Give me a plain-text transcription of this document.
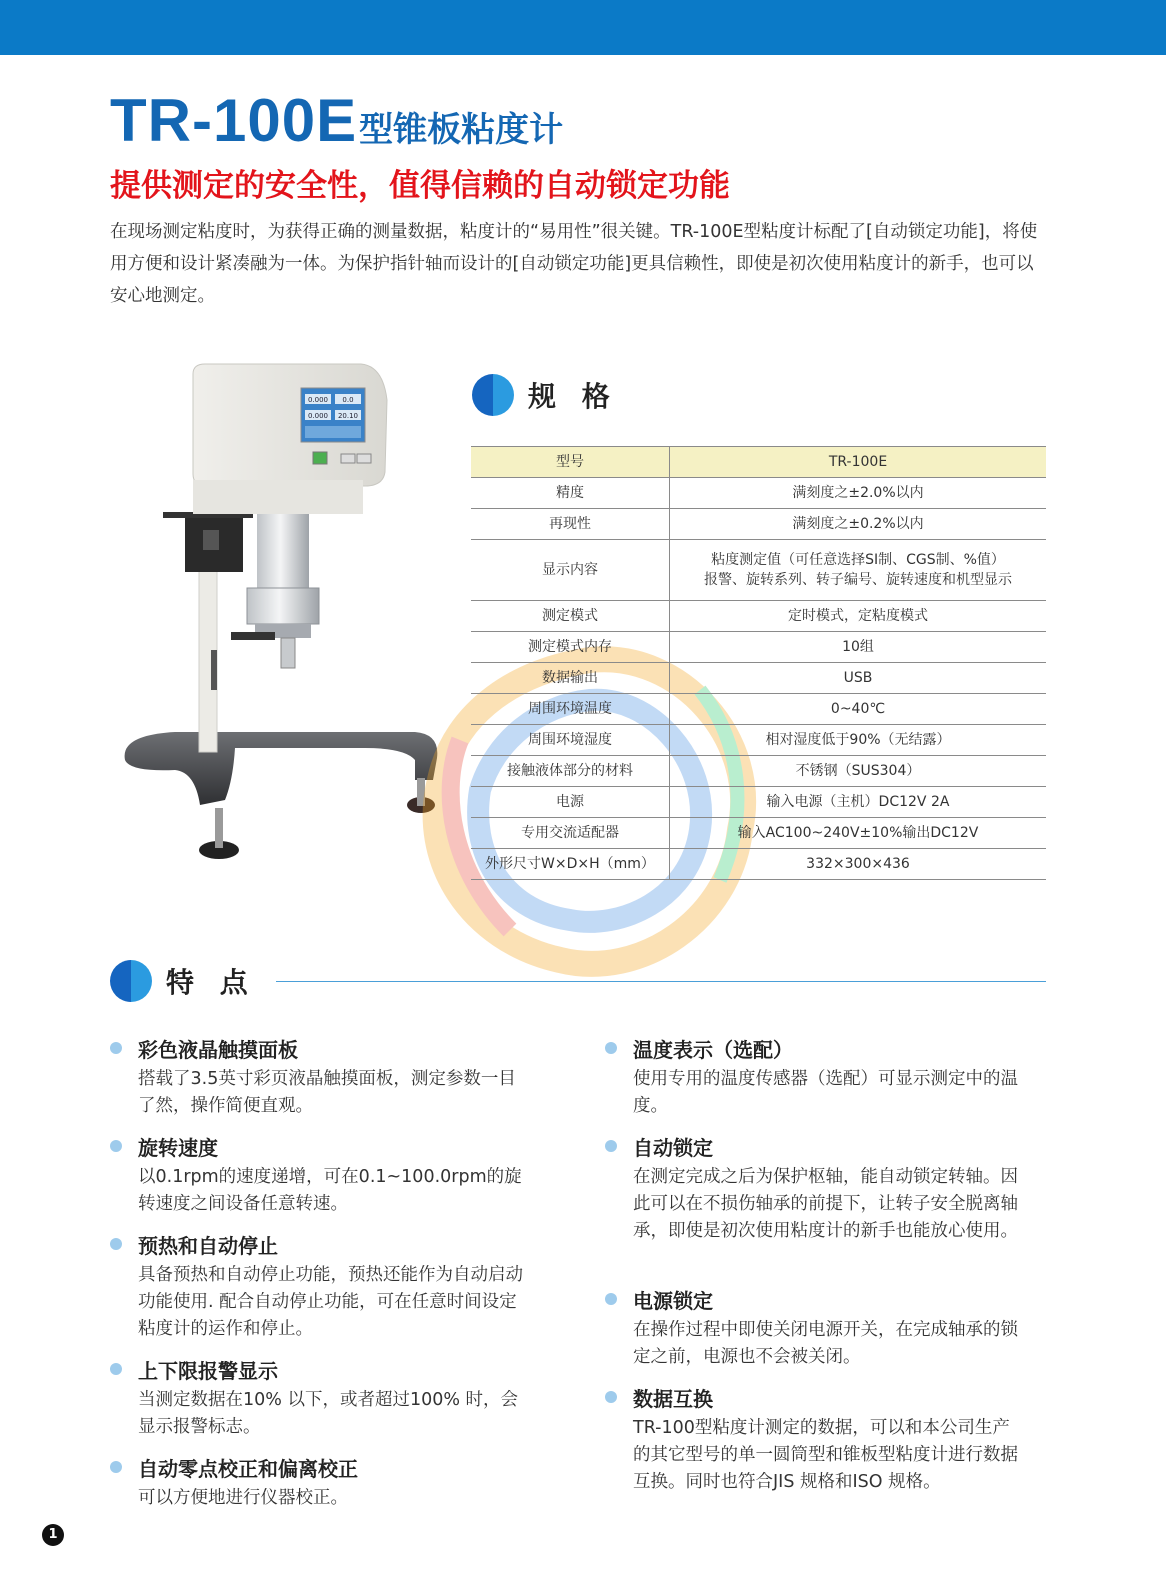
TR-100E型锥板粘度计
提供测定的安全性，值得信赖的自动锁定功能
在现场测定粘度时，为获得正确的测量数据，粘度计的“易用性”很关键。TR-100E型粘度计标配了[自动锁定功能]，将使用方便和设计紧凑融为一体。为保护指针轴而设计的[自动锁定功能]更具信赖性，即使是初次使用粘度计的新手，也可以安心地测定。
0.000 0.0
0.000 20.10
规 格
型号	TR-100E
精度	满刻度之±2.0%以内
再现性	满刻度之±0.2%以内
显示内容	粘度测定值（可任意选择SI制、CGS制、%值）
报警、旋转系列、转子编号、旋转速度和机型显示

测定模式	定时模式，定粘度模式
测定模式内存	10组
数据输出	USB
周围环境温度	0~40℃
周围环境湿度	相对湿度低于90%（无结露）
接触液体部分的材料	不锈钢（SUS304）
电源	输入电源（主机）DC12V 2A
专用交流适配器	输入AC100~240V±10%输出DC12V
外形尺寸W×D×H（mm）	332×300×436
特 点
彩色液晶触摸面板
搭载了3.5英寸彩页液晶触摸面板，测定参数一目了然，操作简便直观。
旋转速度
以0.1rpm的速度递增，可在0.1~100.0rpm的旋转速度之间设备任意转速。
预热和自动停止
具备预热和自动停止功能，预热还能作为自动启动功能使用. 配合自动停止功能，可在任意时间设定粘度计的运作和停止。
上下限报警显示
当测定数据在10% 以下，或者超过100% 时，会显示报警标志。
自动零点校正和偏离校正
可以方便地进行仪器校正。
温度表示（选配）
使用专用的温度传感器（选配）可显示测定中的温度。
自动锁定
在测定完成之后为保护枢轴，能自动锁定转轴。因此可以在不损伤轴承的前提下，让转子安全脱离轴承，即使是初次使用粘度计的新手也能放心使用。
电源锁定
在操作过程中即使关闭电源开关，在完成轴承的锁定之前，电源也不会被关闭。
数据互换
TR-100型粘度计测定的数据，可以和本公司生产的其它型号的单一圆筒型和锥板型粘度计进行数据互换。同时也符合JIS 规格和ISO 规格。
1
